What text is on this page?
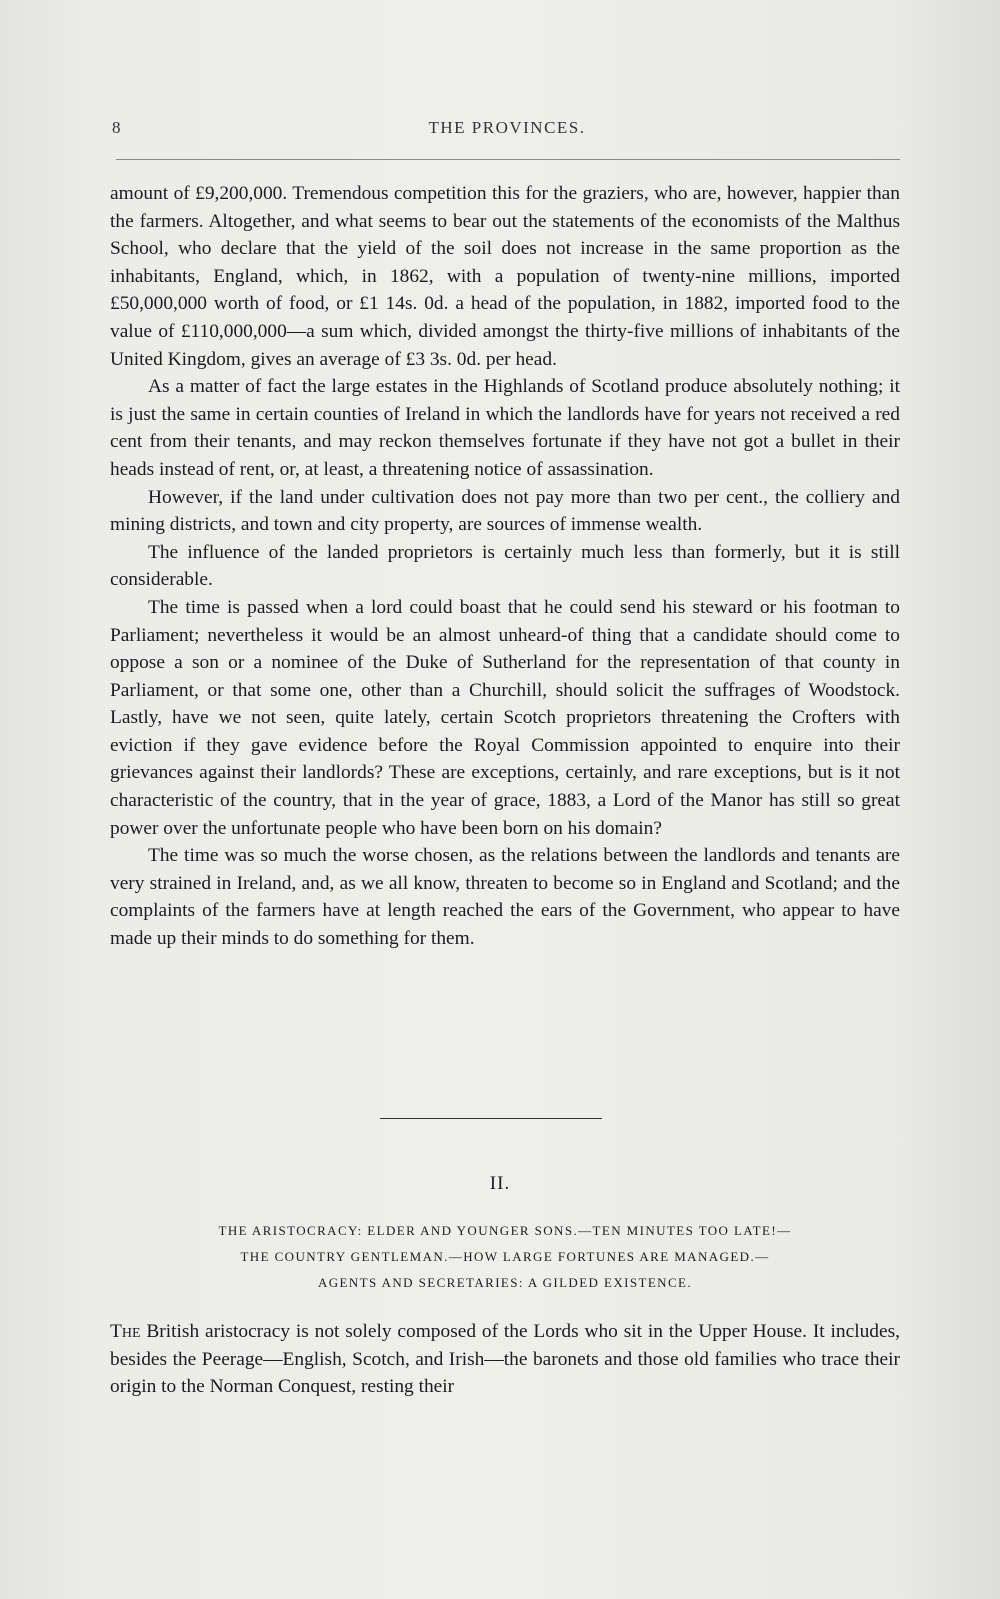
8	THE PROVINCES.

amount of £9,200,000. Tremendous competition this for the graziers, who are, however, happier than the farmers. Altogether, and what seems to bear out the statements of the economists of the Malthus School, who declare that the yield of the soil does not increase in the same proportion as the inhabitants, England, which, in 1862, with a population of twenty-nine millions, imported £50,000,000 worth of food, or £1 14s. 0d. a head of the population, in 1882, imported food to the value of £110,000,000—a sum which, divided amongst the thirty-five millions of inhabitants of the United Kingdom, gives an average of £3 3s. 0d. per head.

As a matter of fact the large estates in the Highlands of Scotland produce absolutely nothing; it is just the same in certain counties of Ireland in which the landlords have for years not received a red cent from their tenants, and may reckon themselves fortunate if they have not got a bullet in their heads instead of rent, or, at least, a threatening notice of assassination.

However, if the land under cultivation does not pay more than two per cent., the colliery and mining districts, and town and city property, are sources of immense wealth.

The influence of the landed proprietors is certainly much less than formerly, but it is still considerable.

The time is passed when a lord could boast that he could send his steward or his footman to Parliament; nevertheless it would be an almost unheard-of thing that a candidate should come to oppose a son or a nominee of the Duke of Sutherland for the representation of that county in Parliament, or that some one, other than a Churchill, should solicit the suffrages of Woodstock. Lastly, have we not seen, quite lately, certain Scotch proprietors threatening the Crofters with eviction if they gave evidence before the Royal Commission appointed to enquire into their grievances against their landlords? These are exceptions, certainly, and rare exceptions, but is it not characteristic of the country, that in the year of grace, 1883, a Lord of the Manor has still so great power over the unfortunate people who have been born on his domain?

The time was so much the worse chosen, as the relations between the landlords and tenants are very strained in Ireland, and, as we all know, threaten to become so in England and Scotland; and the complaints of the farmers have at length reached the ears of the Government, who appear to have made up their minds to do something for them.

II.
THE ARISTOCRACY: ELDER AND YOUNGER SONS.—TEN MINUTES TOO LATE!—
THE COUNTRY GENTLEMAN.—HOW LARGE FORTUNES ARE MANAGED.—
AGENTS AND SECRETARIES: A GILDED EXISTENCE.

The British aristocracy is not solely composed of the Lords who sit in the Upper House. It includes, besides the Peerage—English, Scotch, and Irish—the baronets and those old families who trace their origin to the Norman Conquest, resting their
